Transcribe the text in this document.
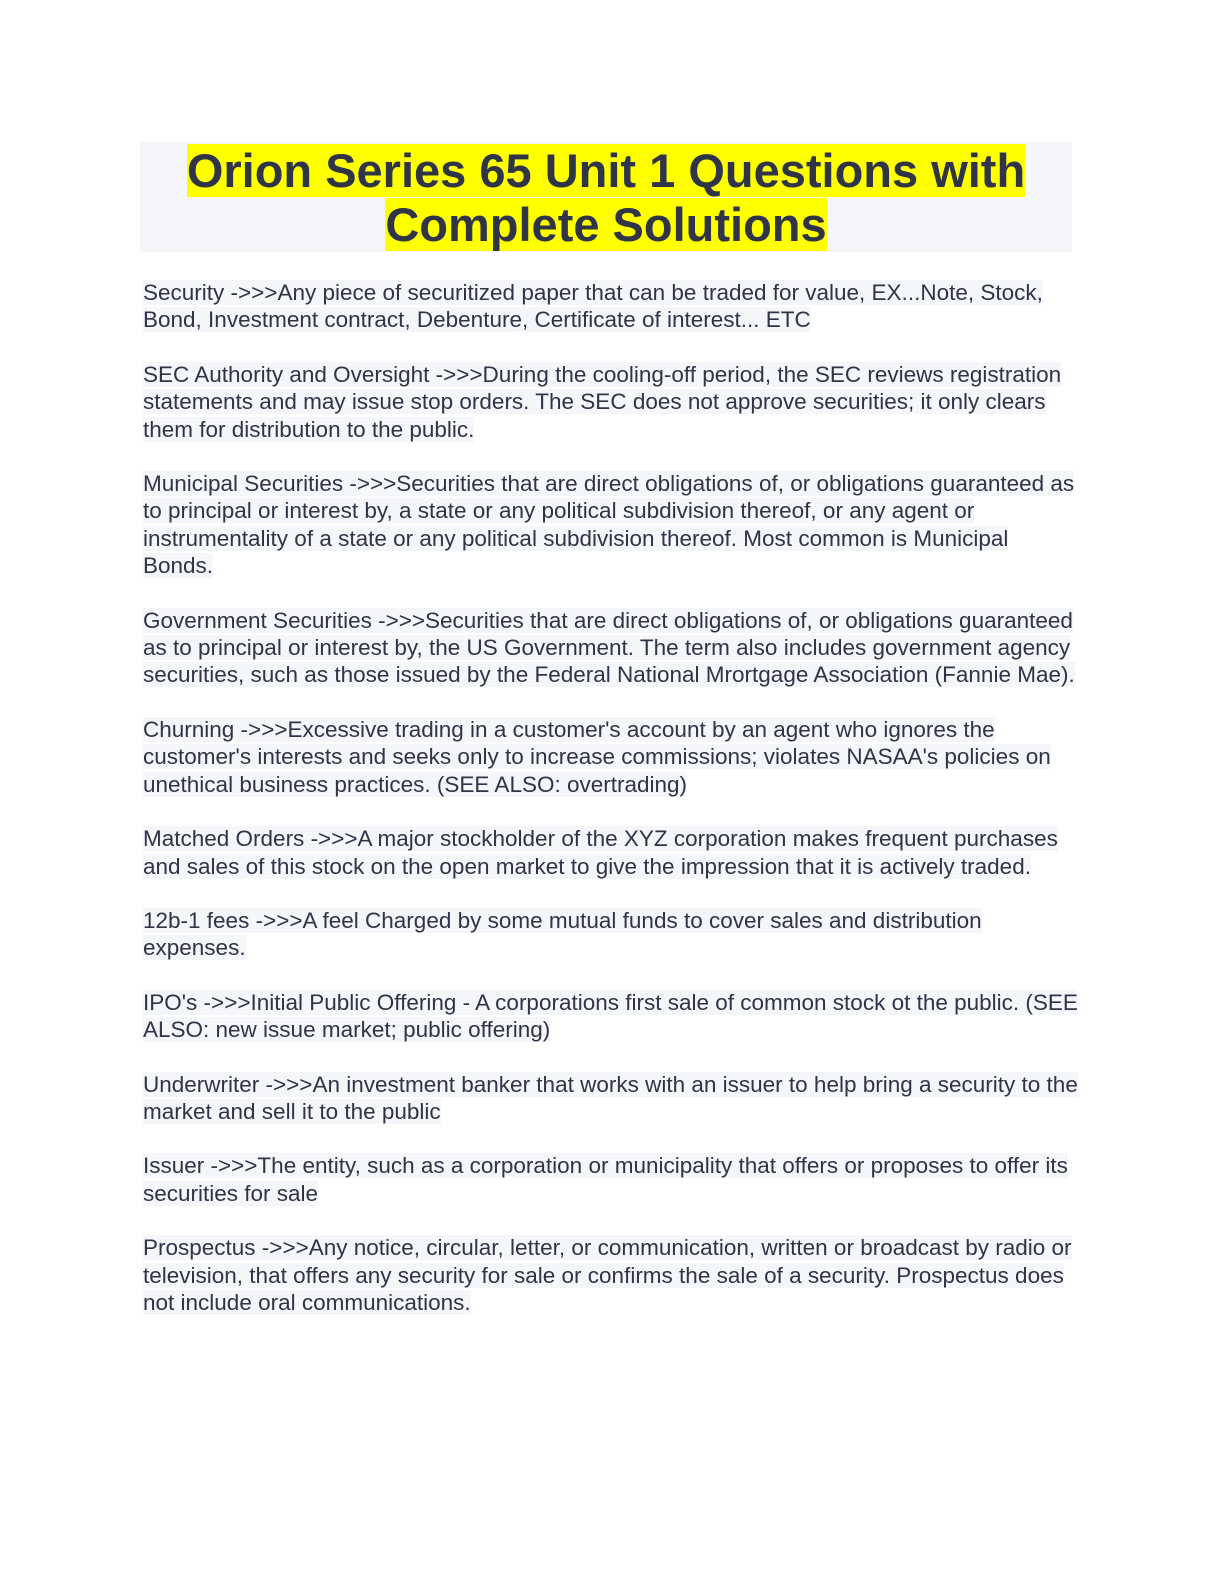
Orion Series 65 Unit 1 Questions with Complete Solutions

Security ->>>Any piece of securitized paper that can be traded for value, EX...Note, Stock, Bond, Investment contract, Debenture, Certificate of interest... ETC

SEC Authority and Oversight ->>>During the cooling-off period, the SEC reviews registration statements and may issue stop orders. The SEC does not approve securities; it only clears them for distribution to the public.

Municipal Securities ->>>Securities that are direct obligations of, or obligations guaranteed as to principal or interest by, a state or any political subdivision thereof, or any agent or instrumentality of a state or any political subdivision thereof. Most common is Municipal Bonds.

Government Securities ->>>Securities that are direct obligations of, or obligations guaranteed as to principal or interest by, the US Government. The term also includes government agency securities, such as those issued by the Federal National Mrortgage Association (Fannie Mae).

Churning ->>>Excessive trading in a customer's account by an agent who ignores the customer's interests and seeks only to increase commissions; violates NASAA's policies on unethical business practices. (SEE ALSO: overtrading)

Matched Orders ->>>A major stockholder of the XYZ corporation makes frequent purchases and sales of this stock on the open market to give the impression that it is actively traded.

12b-1 fees ->>>A feel Charged by some mutual funds to cover sales and distribution expenses.

IPO's ->>>Initial Public Offering - A corporations first sale of common stock ot the public. (SEE ALSO: new issue market; public offering)

Underwriter ->>>An investment banker that works with an issuer to help bring a security to the market and sell it to the public

Issuer ->>>The entity, such as a corporation or municipality that offers or proposes to offer its securities for sale

Prospectus ->>>Any notice, circular, letter, or communication, written or broadcast by radio or television, that offers any security for sale or confirms the sale of a security. Prospectus does not include oral communications.
